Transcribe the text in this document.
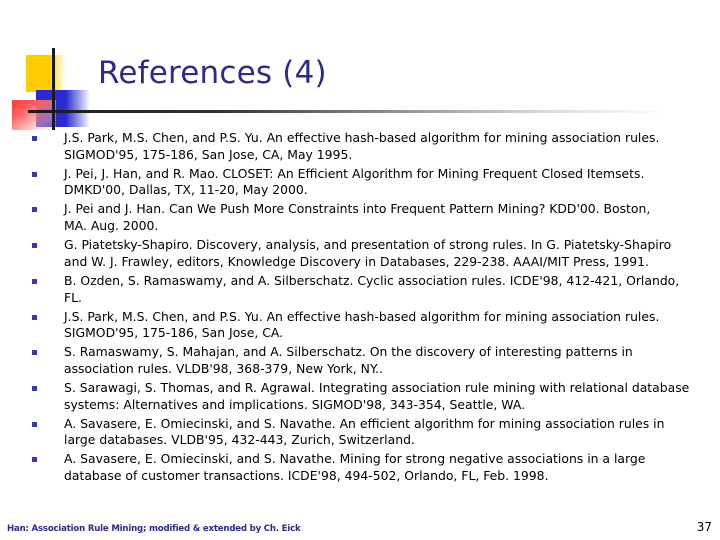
References (4)
J.S. Park, M.S. Chen, and P.S. Yu. An effective hash-based algorithm for mining association rules.
SIGMOD'95, 175-186, San Jose, CA, May 1995.
J. Pei, J. Han, and R. Mao. CLOSET: An Efficient Algorithm for Mining Frequent Closed Itemsets.
DMKD'00, Dallas, TX, 11-20, May 2000.
J. Pei and J. Han. Can We Push More Constraints into Frequent Pattern Mining? KDD'00. Boston,
MA. Aug. 2000.
G. Piatetsky-Shapiro. Discovery, analysis, and presentation of strong rules. In G. Piatetsky-Shapiro
and W. J. Frawley, editors, Knowledge Discovery in Databases, 229-238. AAAI/MIT Press, 1991.
B. Ozden, S. Ramaswamy, and A. Silberschatz. Cyclic association rules. ICDE'98, 412-421, Orlando,
FL.
J.S. Park, M.S. Chen, and P.S. Yu. An effective hash-based algorithm for mining association rules.
SIGMOD'95, 175-186, San Jose, CA.
S. Ramaswamy, S. Mahajan, and A. Silberschatz. On the discovery of interesting patterns in
association rules. VLDB'98, 368-379, New York, NY..
S. Sarawagi, S. Thomas, and R. Agrawal. Integrating association rule mining with relational database
systems: Alternatives and implications. SIGMOD'98, 343-354, Seattle, WA.
A. Savasere, E. Omiecinski, and S. Navathe. An efficient algorithm for mining association rules in
large databases. VLDB'95, 432-443, Zurich, Switzerland.
A. Savasere, E. Omiecinski, and S. Navathe. Mining for strong negative associations in a large
database of customer transactions. ICDE'98, 494-502, Orlando, FL, Feb. 1998.
Han: Association Rule Mining; modified & extended by Ch. Eick	37
